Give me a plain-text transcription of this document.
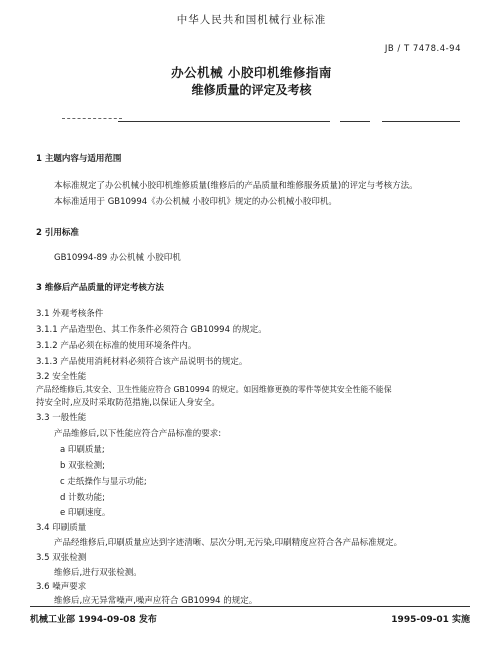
中华人民共和国机械行业标准
JB / T 7478.4-94
办公机械 小胶印机维修指南
维修质量的评定及考核
1 主题内容与适用范围
本标准规定了办公机械小胶印机维修质量(维修后的产品质量和维修服务质量)的评定与考核方法。
本标准适用于 GB10994《办公机械 小胶印机》规定的办公机械小胶印机。
2 引用标准
GB10994-89 办公机械 小胶印机
3 维修后产品质量的评定考核方法
3.1 外观考核条件
3.1.1 产品造型色、其工作条件必须符合 GB10994 的规定。
3.1.2 产品必须在标准的使用环境条件内。
3.1.3 产品使用消耗材料必须符合该产品说明书的规定。
3.2 安全性能
产品经维修后,其安全、卫生性能应符合 GB10994 的规定。如因维修更换的零件等使其安全性能不能保
持安全时,应及时采取防范措施,以保证人身安全。
3.3 一般性能
产品维修后,以下性能应符合产品标准的要求:
a 印刷质量;
b 双张检测;
c 走纸操作与显示功能;
d 计数功能;
e 印刷速度。
3.4 印刷质量
产品经维修后,印刷质量应达到字迹清晰、层次分明,无污染,印刷精度应符合各产品标准规定。
3.5 双张检测
维修后,进行双张检测。
3.6 噪声要求
维修后,应无异常噪声,噪声应符合 GB10994 的规定。
机械工业部 1994-09-08 发布	1995-09-01 实施
